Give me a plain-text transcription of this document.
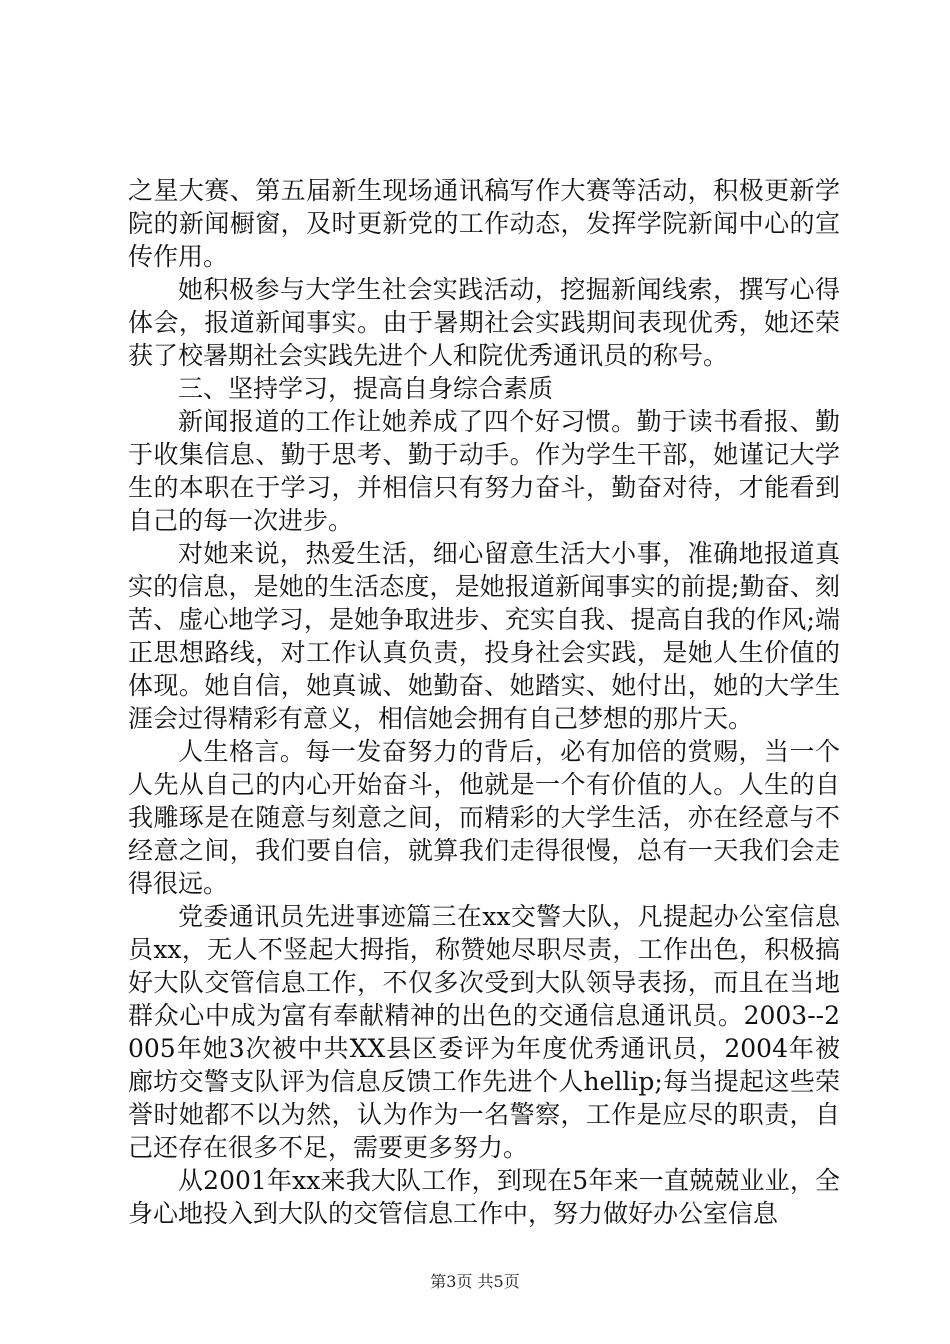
之星大赛、第五届新生现场通讯稿写作大赛等活动，积极更新学院的新闻橱窗，及时更新党的工作动态，发挥学院新闻中心的宣传作用。

她积极参与大学生社会实践活动，挖掘新闻线索，撰写心得体会，报道新闻事实。由于暑期社会实践期间表现优秀，她还荣获了校暑期社会实践先进个人和院优秀通讯员的称号。

三、坚持学习，提高自身综合素质

新闻报道的工作让她养成了四个好习惯。勤于读书看报、勤于收集信息、勤于思考、勤于动手。作为学生干部，她谨记大学生的本职在于学习，并相信只有努力奋斗，勤奋对待，才能看到自己的每一次进步。

对她来说，热爱生活，细心留意生活大小事，准确地报道真实的信息，是她的生活态度，是她报道新闻事实的前提;勤奋、刻苦、虚心地学习，是她争取进步、充实自我、提高自我的作风;端正思想路线，对工作认真负责，投身社会实践，是她人生价值的体现。她自信，她真诚、她勤奋、她踏实、她付出，她的大学生涯会过得精彩有意义，相信她会拥有自己梦想的那片天。

人生格言。每一发奋努力的背后，必有加倍的赏赐，当一个人先从自己的内心开始奋斗，他就是一个有价值的人。人生的自我雕琢是在随意与刻意之间，而精彩的大学生活，亦在经意与不经意之间，我们要自信，就算我们走得很慢，总有一天我们会走得很远。

党委通讯员先进事迹篇三在xx交警大队，凡提起办公室信息员xx，无人不竖起大拇指，称赞她尽职尽责，工作出色，积极搞好大队交管信息工作，不仅多次受到大队领导表扬，而且在当地群众心中成为富有奉献精神的出色的交通信息通讯员。2003--2005年她3次被中共XX县区委评为年度优秀通讯员，2004年被廊坊交警支队评为信息反馈工作先进个人hellip;每当提起这些荣誉时她都不以为然，认为作为一名警察，工作是应尽的职责，自己还存在很多不足，需要更多努力。

从2001年xx来我大队工作，到现在5年来一直兢兢业业，全身心地投入到大队的交管信息工作中，努力做好办公室信息

第3页 共5页
